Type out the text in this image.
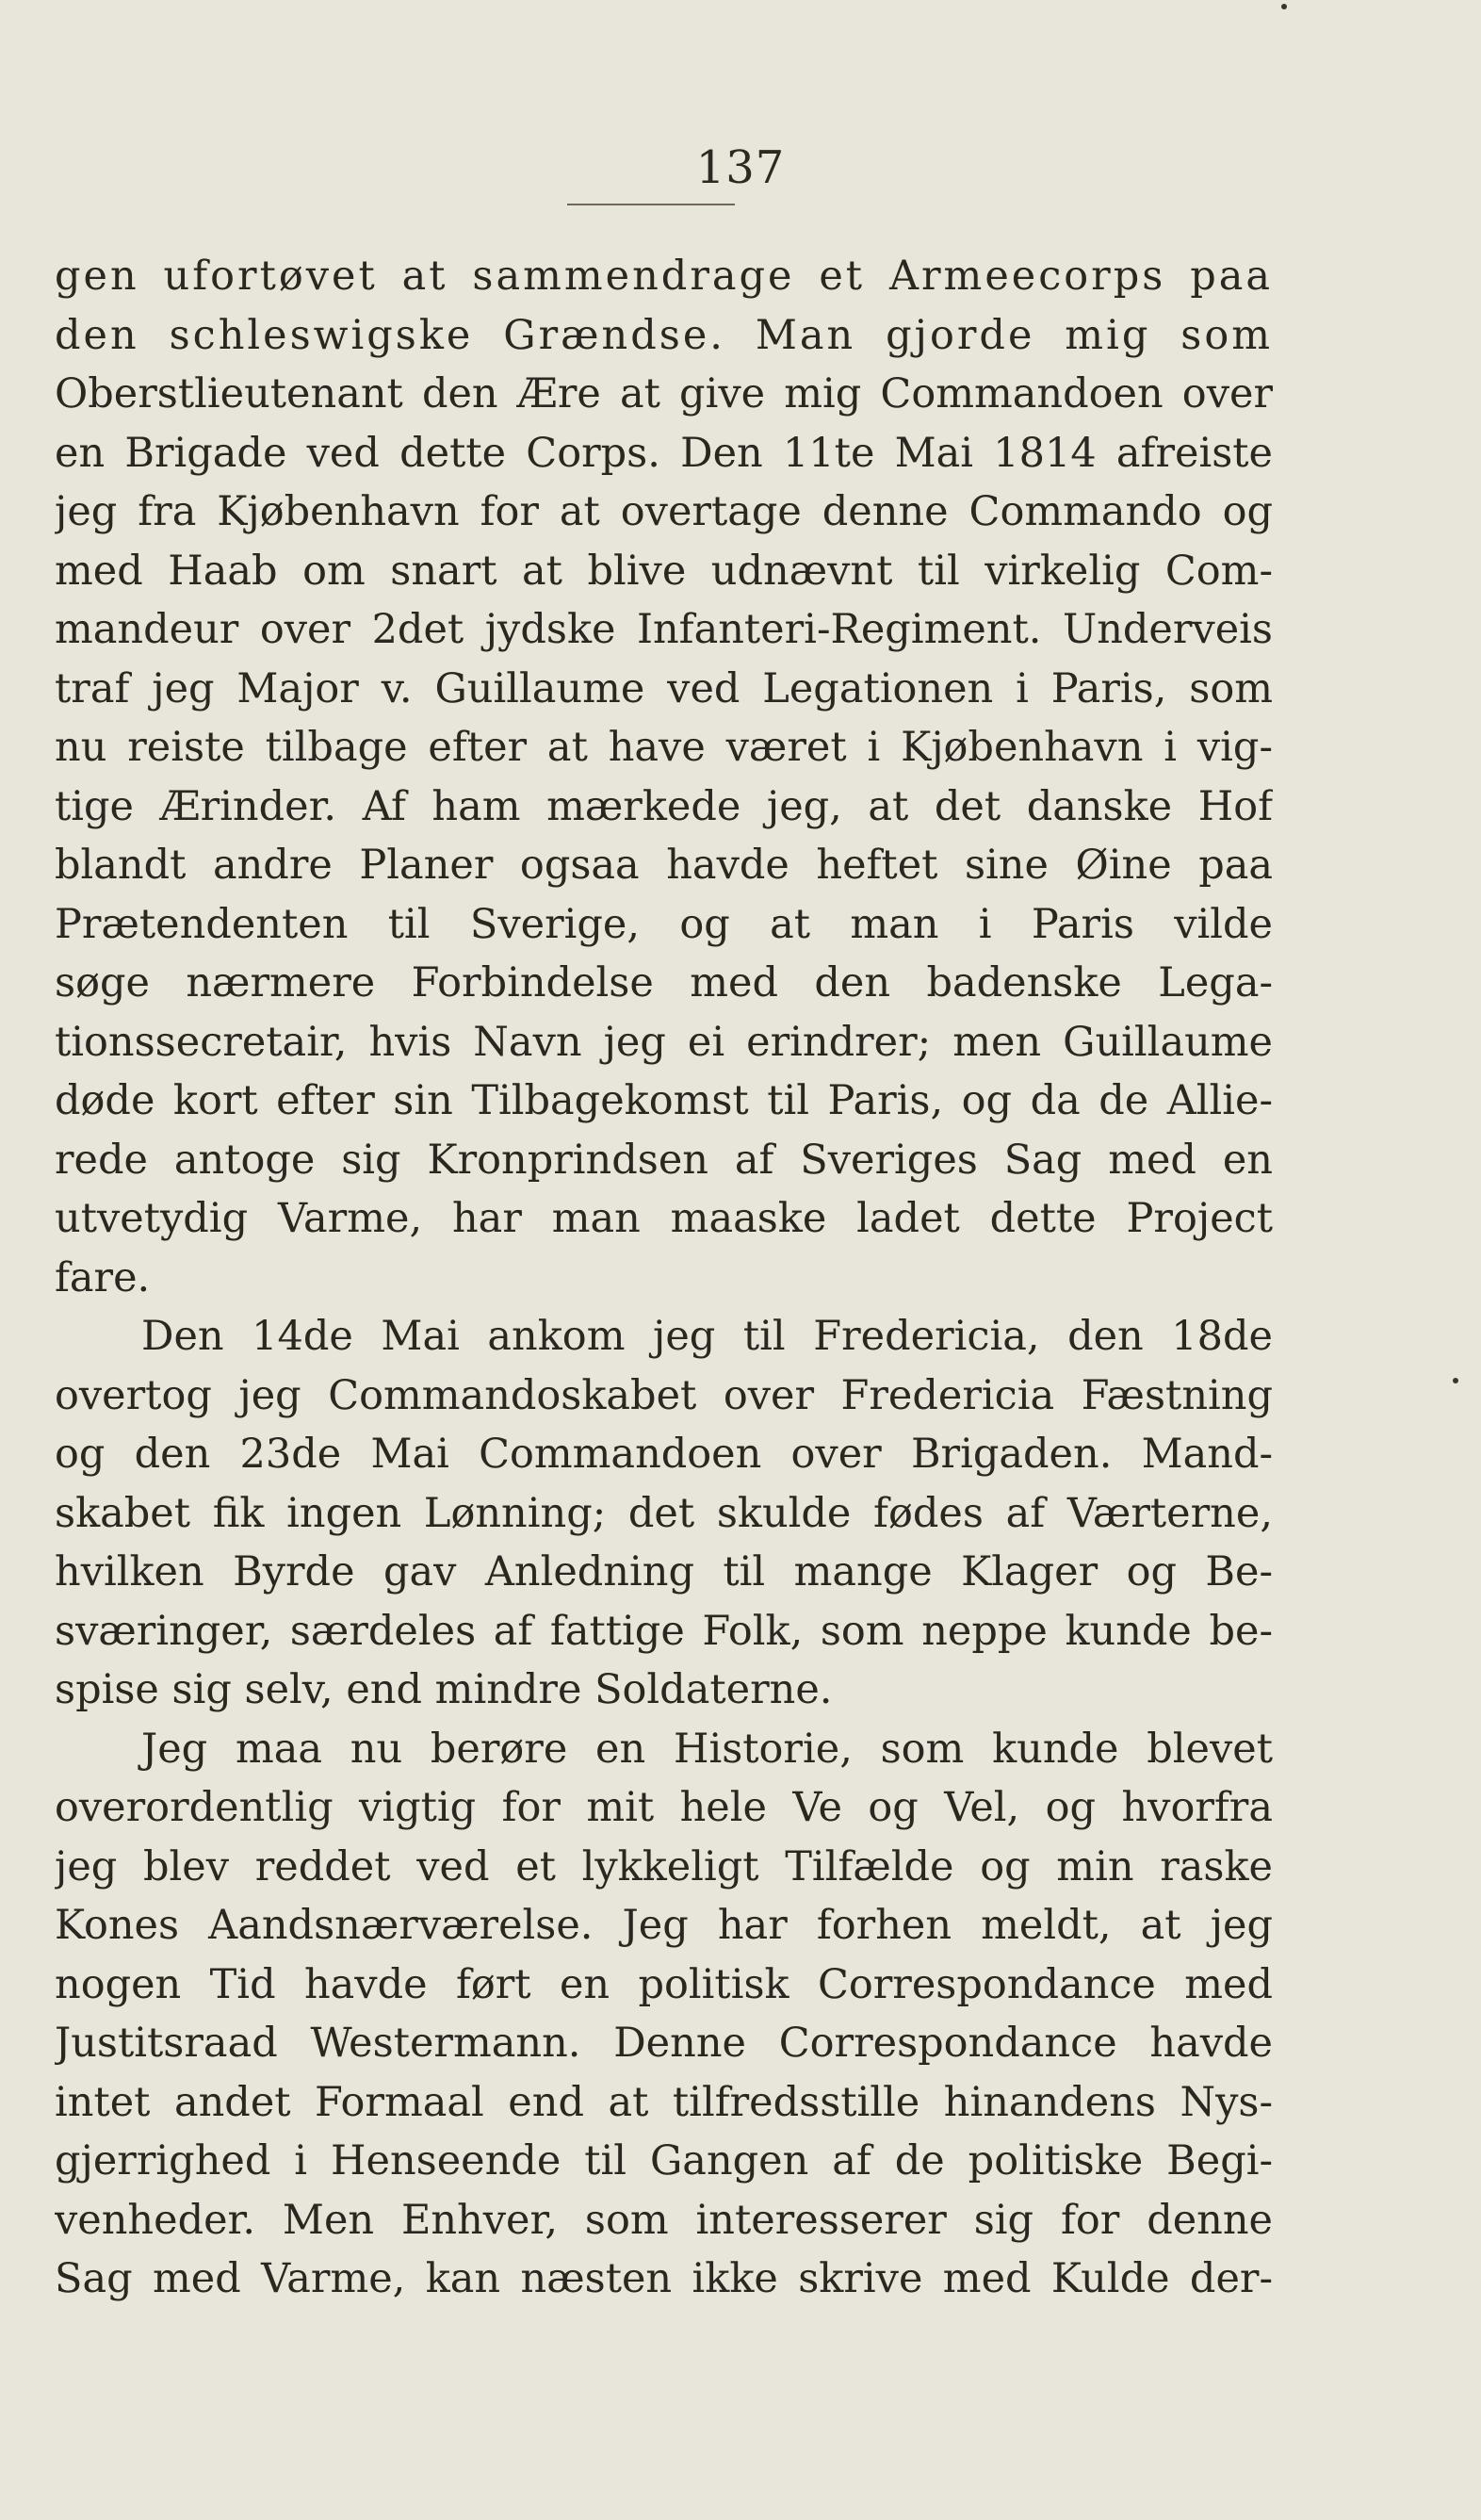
137
gen ufortøvet at sammendrage et Armeecorps paa
den schleswigske Grændse. Man gjorde mig som
Oberstlieutenant den Ære at give mig Commandoen over
en Brigade ved dette Corps. Den 11te Mai 1814 afreiste
jeg fra Kjøbenhavn for at overtage denne Commando og
med Haab om snart at blive udnævnt til virkelig Com-
mandeur over 2det jydske Infanteri-Regiment. Underveis
traf jeg Major v. Guillaume ved Legationen i Paris, som
nu reiste tilbage efter at have været i Kjøbenhavn i vig-
tige Ærinder. Af ham mærkede jeg, at det danske Hof
blandt andre Planer ogsaa havde heftet sine Øine paa
Prætendenten til Sverige, og at man i Paris vilde
søge nærmere Forbindelse med den badenske Lega-
tionssecretair, hvis Navn jeg ei erindrer; men Guillaume
døde kort efter sin Tilbagekomst til Paris, og da de Allie-
rede antoge sig Kronprindsen af Sveriges Sag med en
utvetydig Varme, har man maaske ladet dette Project
fare.
Den 14de Mai ankom jeg til Fredericia, den 18de
overtog jeg Commandoskabet over Fredericia Fæstning
og den 23de Mai Commandoen over Brigaden. Mand-
skabet fik ingen Lønning; det skulde fødes af Værterne,
hvilken Byrde gav Anledning til mange Klager og Be-
sværinger, særdeles af fattige Folk, som neppe kunde be-
spise sig selv, end mindre Soldaterne.
Jeg maa nu berøre en Historie, som kunde blevet
overordentlig vigtig for mit hele Ve og Vel, og hvorfra
jeg blev reddet ved et lykkeligt Tilfælde og min raske
Kones Aandsnærværelse. Jeg har forhen meldt, at jeg
nogen Tid havde ført en politisk Correspondance med
Justitsraad Westermann. Denne Correspondance havde
intet andet Formaal end at tilfredsstille hinandens Nys-
gjerrighed i Henseende til Gangen af de politiske Begi-
venheder. Men Enhver, som interesserer sig for denne
Sag med Varme, kan næsten ikke skrive med Kulde der-
